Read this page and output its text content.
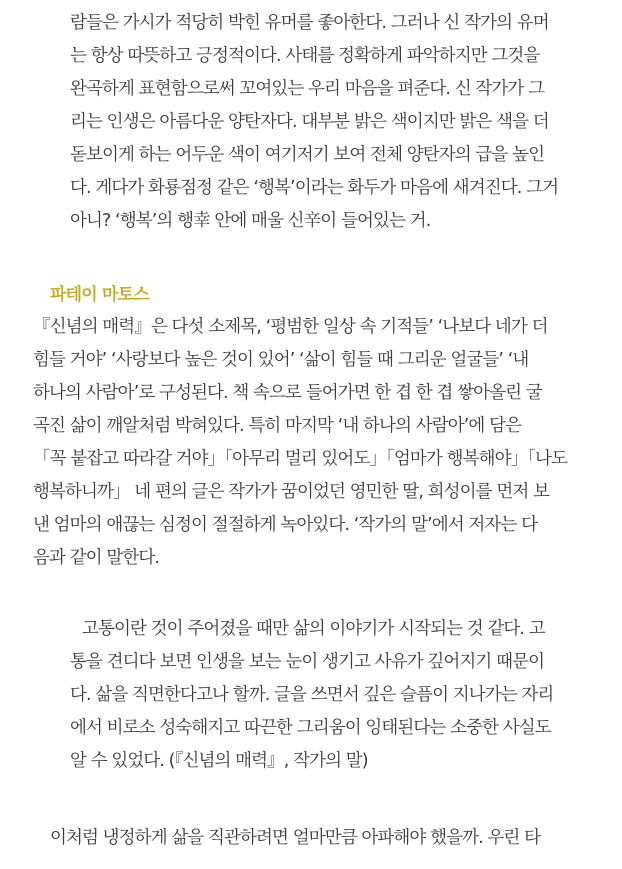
람들은 가시가 적당히 박힌 유머를 좋아한다. 그러나 신 작가의 유머
는 항상 따뜻하고 긍정적이다. 사태를 정확하게 파악하지만 그것을
완곡하게 표현함으로써 꼬여있는 우리 마음을 펴준다. 신 작가가 그
리는 인생은 아름다운 양탄자다. 대부분 밝은 색이지만 밝은 색을 더
돋보이게 하는 어두운 색이 여기저기 보여 전체 양탄자의 급을 높인
다. 게다가 화룡점정 같은 ‘행복’이라는 화두가 마음에 새겨진다. 그거
아니? ‘행복’의 행幸 안에 매울 신辛이 들어있는 거.
파테이 마토스
『신념의 매력』은 다섯 소제목, ‘평범한 일상 속 기적들’ ‘나보다 네가 더
힘들 거야’ ‘사랑보다 높은 것이 있어’ ‘삶이 힘들 때 그리운 얼굴들’ ‘내
하나의 사람아’로 구성된다. 책 속으로 들어가면 한 겹 한 겹 쌓아올린 굴
곡진 삶이 깨알처럼 박혀있다. 특히 마지막 ‘내 하나의 사람아’에 담은
「꼭 붙잡고 따라갈 거야」「아무리 멀리 있어도」「엄마가 행복해야」「나도
행복하니까」 네 편의 글은 작가가 꿈이었던 영민한 딸, 희성이를 먼저 보
낸 엄마의 애끊는 심정이 절절하게 녹아있다. ‘작가의 말’에서 저자는 다
음과 같이 말한다.
고통이란 것이 주어졌을 때만 삶의 이야기가 시작되는 것 같다. 고
통을 견디다 보면 인생을 보는 눈이 생기고 사유가 깊어지기 때문이
다. 삶을 직면한다고나 할까. 글을 쓰면서 깊은 슬픔이 지나가는 자리
에서 비로소 성숙해지고 따끈한 그리움이 잉태된다는 소중한 사실도
알 수 있었다. (『신념의 매력』, 작가의 말)
이처럼 냉정하게 삶을 직관하려면 얼마만큼 아파해야 했을까. 우린 타
